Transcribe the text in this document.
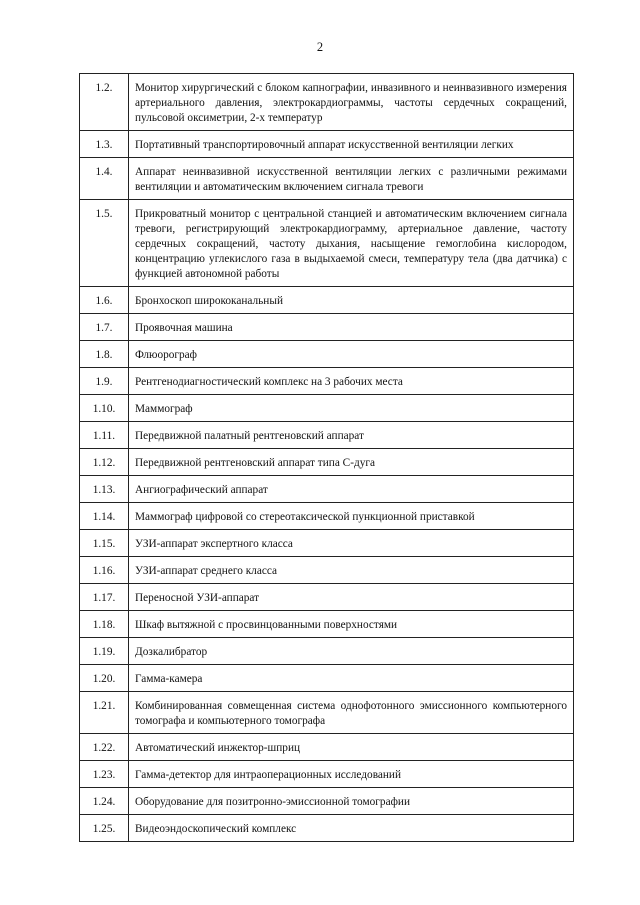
2
1.2.	Монитор хирургический с блоком капнографии, инвазивного и неинвазивного измерения артериального давления, электрокардиограммы, частоты сердечных сокращений, пульсовой оксиметрии, 2-х температур
1.3.	Портативный транспортировочный аппарат искусственной вентиляции легких
1.4.	Аппарат неинвазивной искусственной вентиляции легких с различными режимами вентиляции и автоматическим включением сигнала тревоги
1.5.	Прикроватный монитор с центральной станцией и автоматическим включением сигнала тревоги, регистрирующий электрокардиограмму, артериальное давление, частоту сердечных сокращений, частоту дыхания, насыщение гемоглобина кислородом, концентрацию углекислого газа в выдыхаемой смеси, температуру тела (два датчика) с функцией автономной работы
1.6.	Бронхоскоп ширококанальный
1.7.	Проявочная машина
1.8.	Флюорограф
1.9.	Рентгенодиагностический комплекс на 3 рабочих места
1.10.	Маммограф
1.11.	Передвижной палатный рентгеновский аппарат
1.12.	Передвижной рентгеновский аппарат типа С-дуга
1.13.	Ангиографический аппарат
1.14.	Маммограф цифровой со стереотаксической пункционной приставкой
1.15.	УЗИ-аппарат экспертного класса
1.16.	УЗИ-аппарат среднего класса
1.17.	Переносной УЗИ-аппарат
1.18.	Шкаф вытяжной с просвинцованными поверхностями
1.19.	Дозкалибратор
1.20.	Гамма-камера
1.21.	Комбинированная совмещенная система однофотонного эмиссионного компьютерного томографа и компьютерного томографа
1.22.	Автоматический инжектор-шприц
1.23.	Гамма-детектор для интраоперационных исследований
1.24.	Оборудование для позитронно-эмиссионной томографии
1.25.	Видеоэндоскопический комплекс
